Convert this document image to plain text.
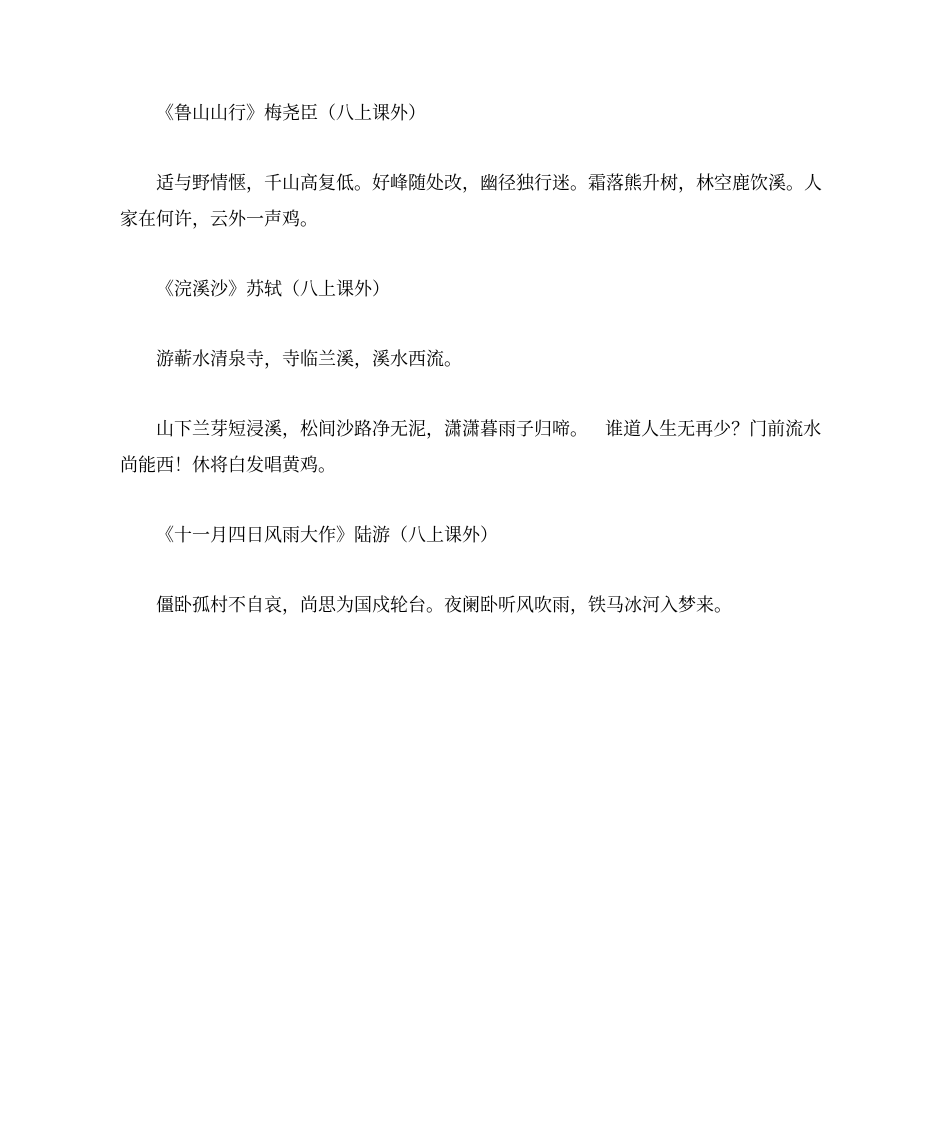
《鲁山山行》梅尧臣（八上课外）

适与野情惬，千山高复低。好峰随处改，幽径独行迷。霜落熊升树，林空鹿饮溪。人家在何许，云外一声鸡。

《浣溪沙》苏轼（八上课外）

游蕲水清泉寺，寺临兰溪，溪水西流。

山下兰芽短浸溪，松间沙路净无泥，潇潇暮雨子归啼。   谁道人生无再少？门前流水尚能西！休将白发唱黄鸡。

《十一月四日风雨大作》陆游（八上课外）

僵卧孤村不自哀，尚思为国戍轮台。夜阑卧听风吹雨，铁马冰河入梦来。
